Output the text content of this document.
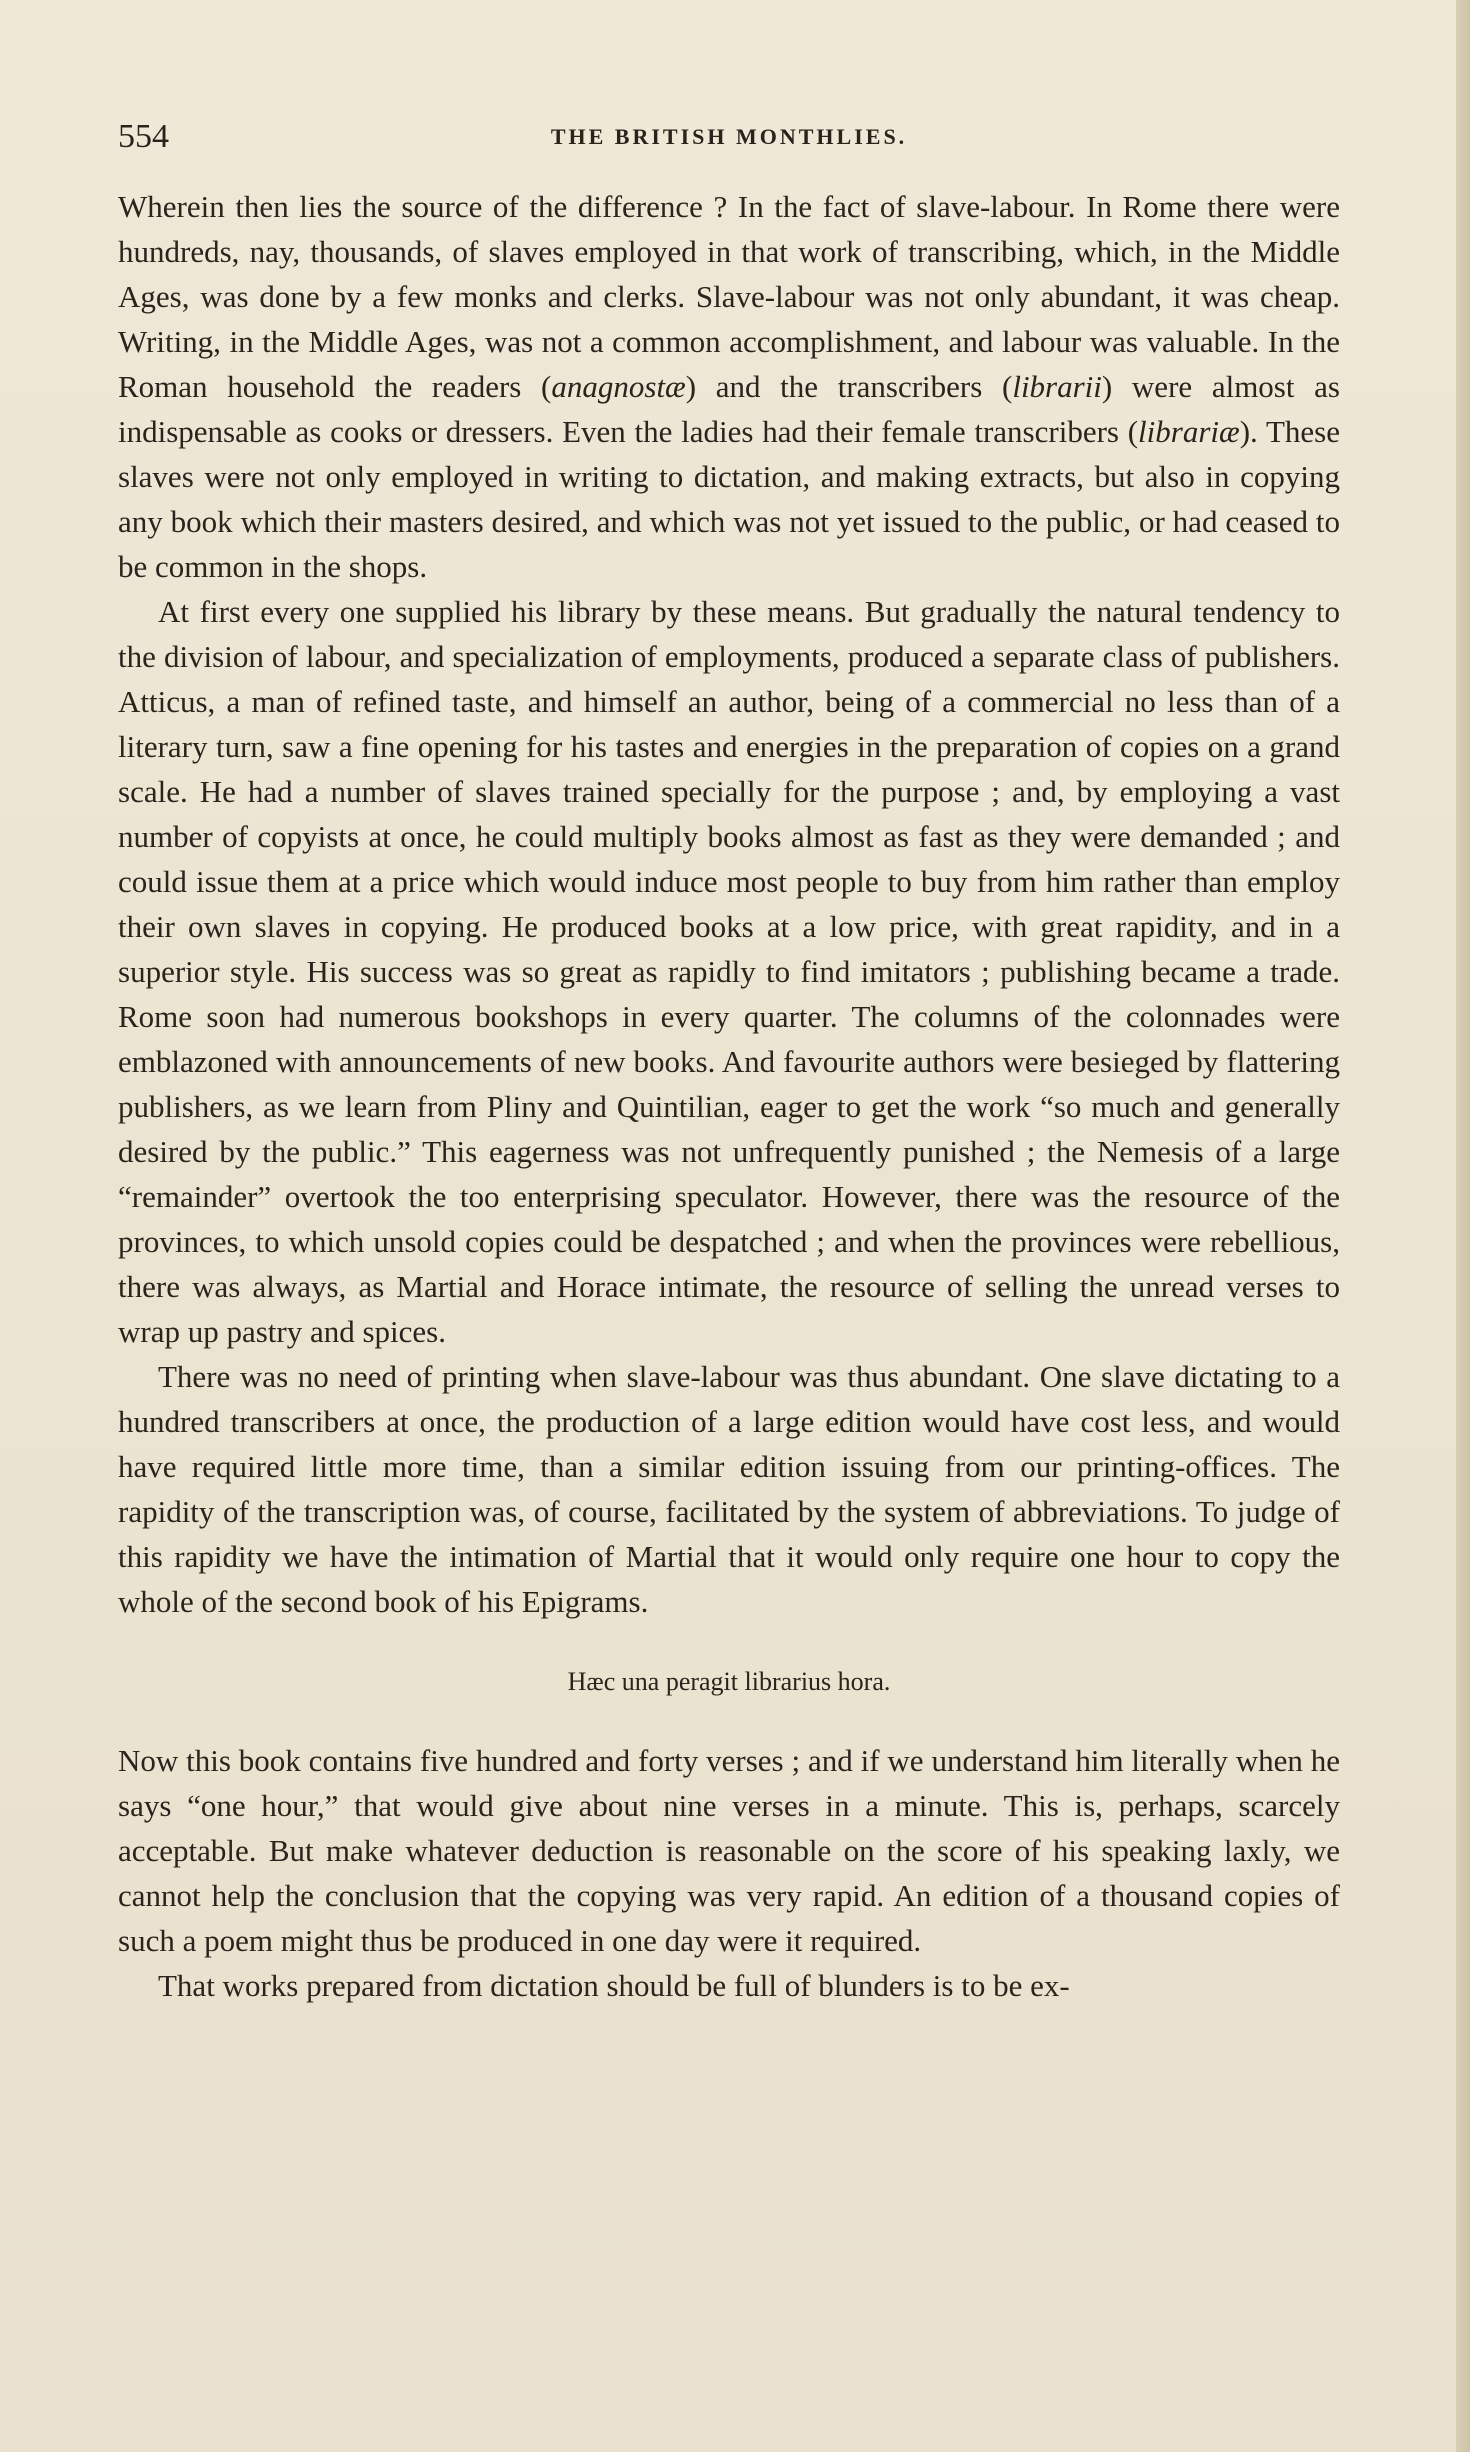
554	THE BRITISH MONTHLIES.

Wherein then lies the source of the difference ? In the fact of slave-labour. In Rome there were hundreds, nay, thousands, of slaves employed in that work of transcribing, which, in the Middle Ages, was done by a few monks and clerks. Slave-labour was not only abundant, it was cheap. Writing, in the Middle Ages, was not a common accomplishment, and labour was valuable. In the Roman household the readers (anagnostæ) and the transcribers (librarii) were almost as indispensable as cooks or dressers. Even the ladies had their female transcribers (librariæ). These slaves were not only employed in writing to dictation, and making extracts, but also in copying any book which their masters desired, and which was not yet issued to the public, or had ceased to be common in the shops.

At first every one supplied his library by these means. But gradually the natural tendency to the division of labour, and specialization of employments, produced a separate class of publishers. Atticus, a man of refined taste, and himself an author, being of a commercial no less than of a literary turn, saw a fine opening for his tastes and energies in the preparation of copies on a grand scale. He had a number of slaves trained specially for the purpose ; and, by employing a vast number of copyists at once, he could multiply books almost as fast as they were demanded ; and could issue them at a price which would induce most people to buy from him rather than employ their own slaves in copying. He produced books at a low price, with great rapidity, and in a superior style. His success was so great as rapidly to find imitators ; publishing became a trade. Rome soon had numerous bookshops in every quarter. The columns of the colonnades were emblazoned with announcements of new books. And favourite authors were besieged by flattering publishers, as we learn from Pliny and Quintilian, eager to get the work “so much and generally desired by the public.” This eagerness was not unfrequently punished ; the Nemesis of a large “remainder” overtook the too enterprising speculator. However, there was the resource of the provinces, to which unsold copies could be despatched ; and when the provinces were rebellious, there was always, as Martial and Horace intimate, the resource of selling the unread verses to wrap up pastry and spices.

There was no need of printing when slave-labour was thus abundant. One slave dictating to a hundred transcribers at once, the production of a large edition would have cost less, and would have required little more time, than a similar edition issuing from our printing-offices. The rapidity of the transcription was, of course, facilitated by the system of abbreviations. To judge of this rapidity we have the intimation of Martial that it would only require one hour to copy the whole of the second book of his Epigrams.

Hæc una peragit librarius hora.

Now this book contains five hundred and forty verses ; and if we understand him literally when he says “one hour,” that would give about nine verses in a minute. This is, perhaps, scarcely acceptable. But make whatever deduction is reasonable on the score of his speaking laxly, we cannot help the conclusion that the copying was very rapid. An edition of a thousand copies of such a poem might thus be produced in one day were it required.

That works prepared from dictation should be full of blunders is to be ex-
